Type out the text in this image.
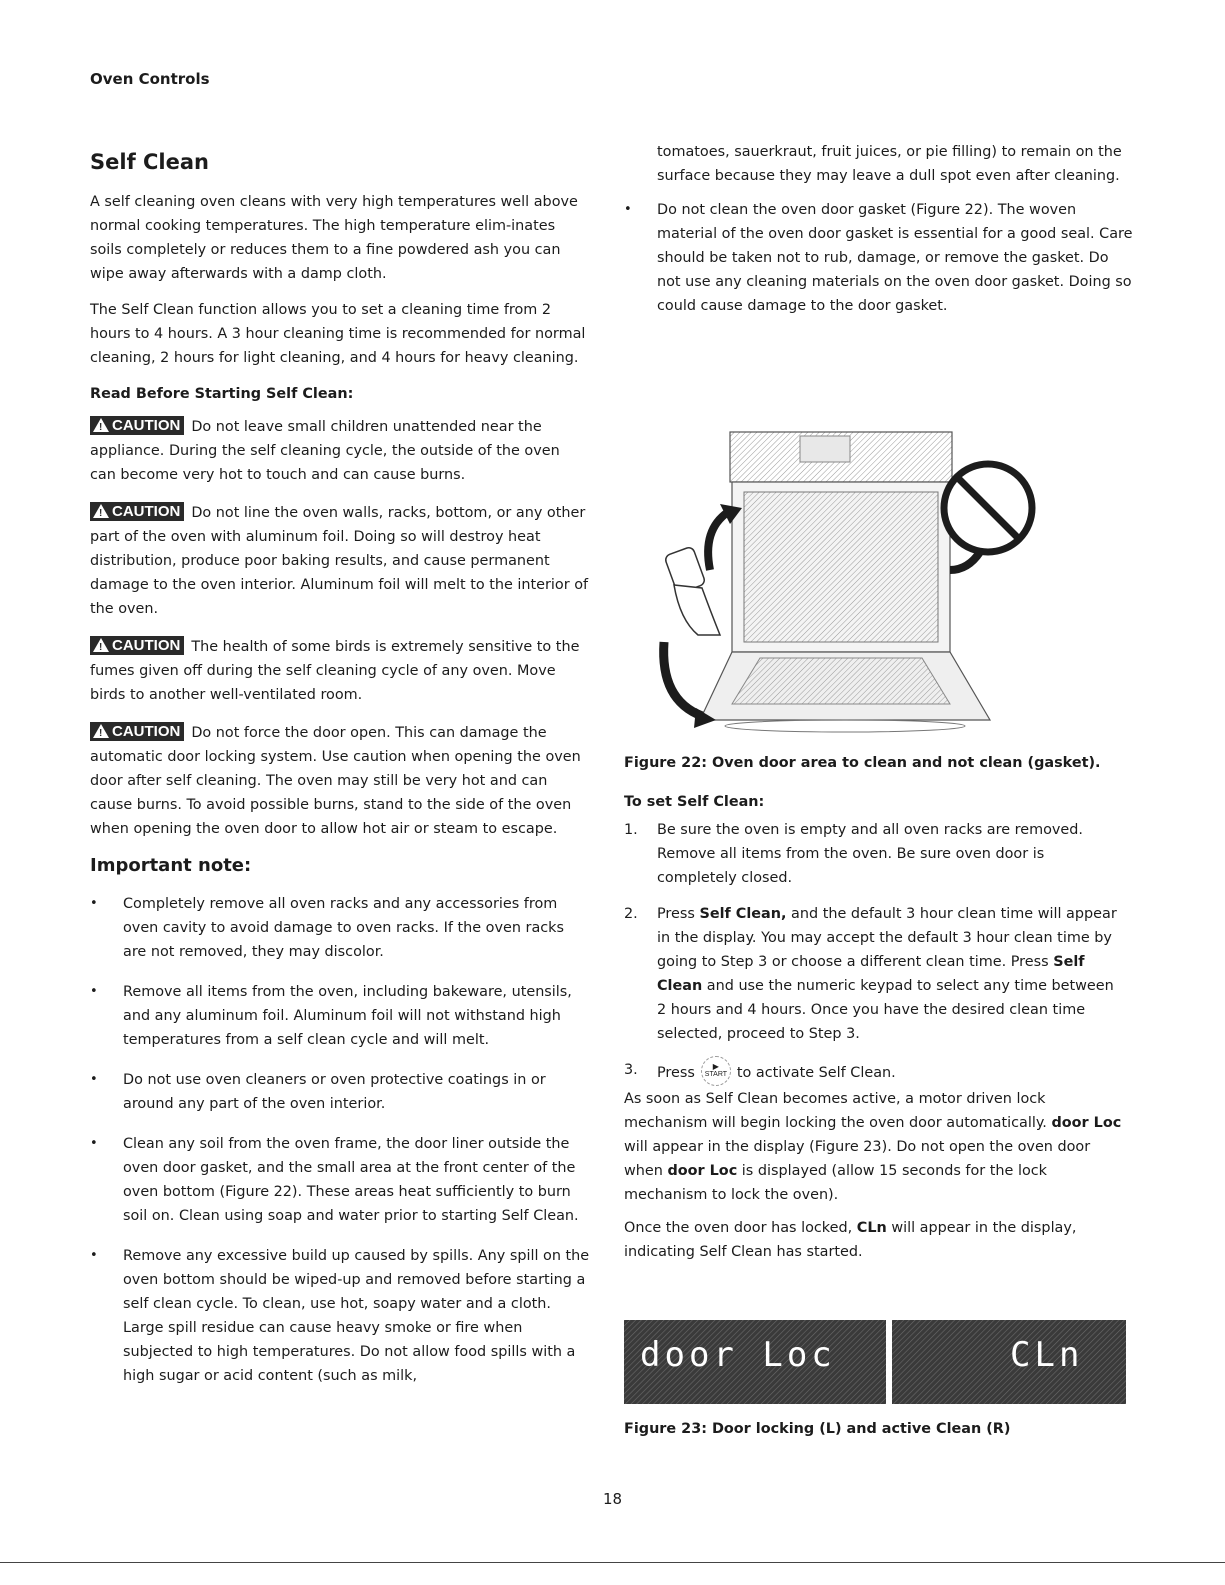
Oven Controls
Self Clean

A self cleaning oven cleans with very high temperatures well above normal cooking temperatures. The high temperature elim-inates soils completely or reduces them to a fine powdered ash you can wipe away afterwards with a damp cloth.

The Self Clean function allows you to set a cleaning time from 2 hours to 4 hours. A 3 hour cleaning time is recommended for normal cleaning, 2 hours for light cleaning, and 4 hours for heavy cleaning.

Read Before Starting Self Clean:
!CAUTION Do not leave small children unattended near the appliance. During the self cleaning cycle, the outside of the oven can become very hot to touch and can cause burns.
!CAUTION Do not line the oven walls, racks, bottom, or any other part of the oven with aluminum foil. Doing so will destroy heat distribution, produce poor baking results, and cause permanent damage to the oven interior. Aluminum foil will melt to the interior of the oven.
!CAUTION The health of some birds is extremely sensitive to the fumes given off during the self cleaning cycle of any oven. Move birds to another well-ventilated room.
!CAUTION Do not force the door open. This can damage the automatic door locking system. Use caution when opening the oven door after self cleaning. The oven may still be very hot and can cause burns. To avoid possible burns, stand to the side of the oven when opening the oven door to allow hot air or steam to escape.
Important note:
• Completely remove all oven racks and any accessories from oven cavity to avoid damage to oven racks. If the oven racks are not removed, they may discolor.
• Remove all items from the oven, including bakeware, utensils, and any aluminum foil. Aluminum foil will not withstand high temperatures from a self clean cycle and will melt.
• Do not use oven cleaners or oven protective coatings in or around any part of the oven interior.
• Clean any soil from the oven frame, the door liner outside the oven door gasket, and the small area at the front center of the oven bottom (Figure 22). These areas heat sufficiently to burn soil on. Clean using soap and water prior to starting Self Clean.
• Remove any excessive build up caused by spills. Any spill on the oven bottom should be wiped-up and removed before starting a self clean cycle. To clean, use hot, soapy water and a cloth. Large spill residue can cause heavy smoke or fire when subjected to high temperatures. Do not allow food spills with a high sugar or acid content (such as milk,
tomatoes, sauerkraut, fruit juices, or pie filling) to remain on the surface because they may leave a dull spot even after cleaning.
• Do not clean the oven door gasket (Figure 22). The woven material of the oven door gasket is essential for a good seal. Care should be taken not to rub, damage, or remove the gasket. Do not use any cleaning materials on the oven door gasket. Doing so could cause damage to the door gasket.
Figure 22: Oven door area to clean and not clean (gasket).
To set Self Clean:
1. Be sure the oven is empty and all oven racks are removed. Remove all items from the oven. Be sure oven door is completely closed.
2. Press Self Clean, and the default 3 hour clean time will appear in the display. You may accept the default 3 hour clean time by going to Step 3 or choose a different clean time. Press Self Clean and use the numeric keypad to select any time between 2 hours and 4 hours. Once you have the desired clean time selected, proceed to Step 3.
3. Press ▶
START to activate Self Clean.

As soon as Self Clean becomes active, a motor driven lock mechanism will begin locking the oven door automatically. door Loc will appear in the display (Figure 23). Do not open the oven door when door Loc is displayed (allow 15 seconds for the lock mechanism to lock the oven).

Once the oven door has locked, CLn will appear in the display, indicating Self Clean has started.

door Loc	CLn
Figure 23: Door locking (L) and active Clean (R)
18
